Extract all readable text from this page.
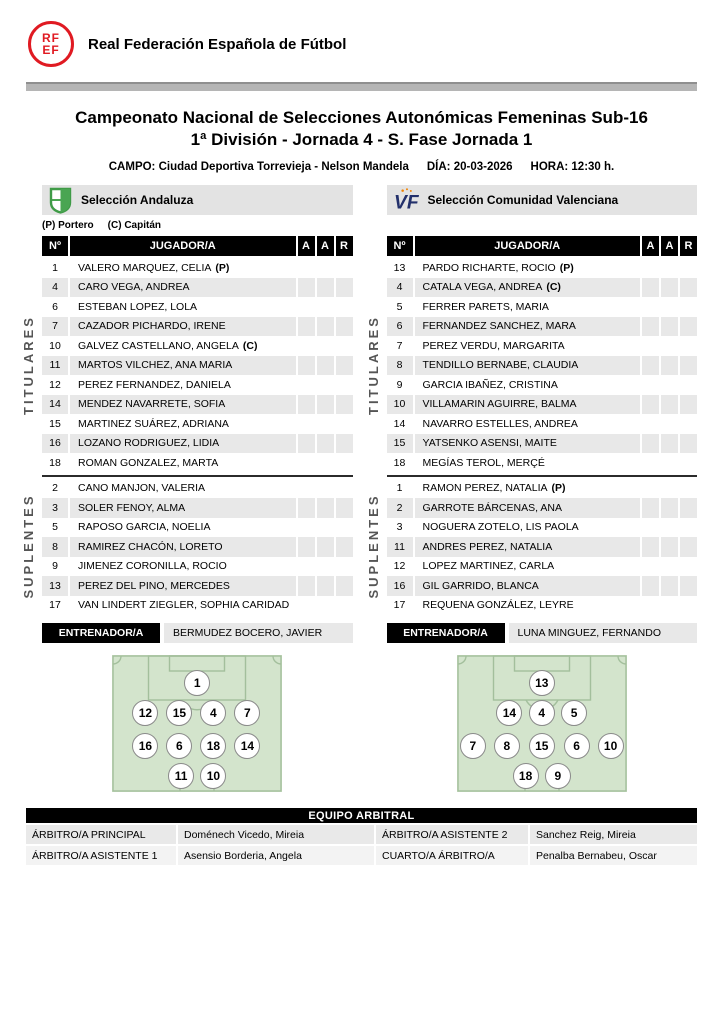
RF
EF Real Federación Española de Fútbol
Campeonato Nacional de Selecciones Autonómicas Femeninas Sub-16 1ª División - Jornada 4 - S. Fase Jornada 1
CAMPO: Ciudad Deportiva Torrevieja - Nelson Mandela DÍA: 20-03-2026 HORA: 12:30 h.
Selección Andaluza
(P) Portero (C) Capitán
Nº	JUGADOR/A	A	A	R
TITULARES
1	VALERO MARQUEZ, CELIA (P)
4	CARO VEGA, ANDREA
6	ESTEBAN LOPEZ, LOLA
7	CAZADOR PICHARDO, IRENE
10	GALVEZ CASTELLANO, ANGELA (C)
11	MARTOS VILCHEZ, ANA MARIA
12	PEREZ FERNANDEZ, DANIELA
14	MENDEZ NAVARRETE, SOFIA
15	MARTINEZ SUÁREZ, ADRIANA
16	LOZANO RODRIGUEZ, LIDIA
18	ROMAN GONZALEZ, MARTA
SUPLENTES
2	CANO MANJON, VALERIA
3	SOLER FENOY, ALMA
5	RAPOSO GARCIA, NOELIA
8	RAMIREZ CHACÓN, LORETO
9	JIMENEZ CORONILLA, ROCIO
13	PEREZ DEL PINO, MERCEDES
17	VAN LINDERT ZIEGLER, SOPHIA CARIDAD
ENTRENADOR/A	BERMUDEZ BOCERO, JAVIER
1
12	15	4	7
16	6	18	14
11	10
VF Selección Comunidad Valenciana
Nº	JUGADOR/A	A	A	R
TITULARES
13	PARDO RICHARTE, ROCIO (P)
4	CATALA VEGA, ANDREA (C)
5	FERRER PARETS, MARIA
6	FERNANDEZ SANCHEZ, MARA
7	PEREZ VERDU, MARGARITA
8	TENDILLO BERNABE, CLAUDIA
9	GARCIA IBAÑEZ, CRISTINA
10	VILLAMARIN AGUIRRE, BALMA
14	NAVARRO ESTELLES, ANDREA
15	YATSENKO ASENSI, MAITE
18	MEGÍAS TEROL, MERÇÉ
SUPLENTES
1	RAMON PEREZ, NATALIA (P)
2	GARROTE BÁRCENAS, ANA
3	NOGUERA ZOTELO, LIS PAOLA
11	ANDRES PEREZ, NATALIA
12	LOPEZ MARTINEZ, CARLA
16	GIL GARRIDO, BLANCA
17	REQUENA GONZÁLEZ, LEYRE
ENTRENADOR/A	LUNA MINGUEZ, FERNANDO
13
14	4	5
7	8	15	6	10
18	9
EQUIPO ARBITRAL
ÁRBITRO/A PRINCIPAL	Doménech Vicedo, Mireia	ÁRBITRO/A ASISTENTE 2	Sanchez Reig, Mireia
ÁRBITRO/A ASISTENTE 1	Asensio Borderia, Angela	CUARTO/A ÁRBITRO/A	Penalba Bernabeu, Oscar
